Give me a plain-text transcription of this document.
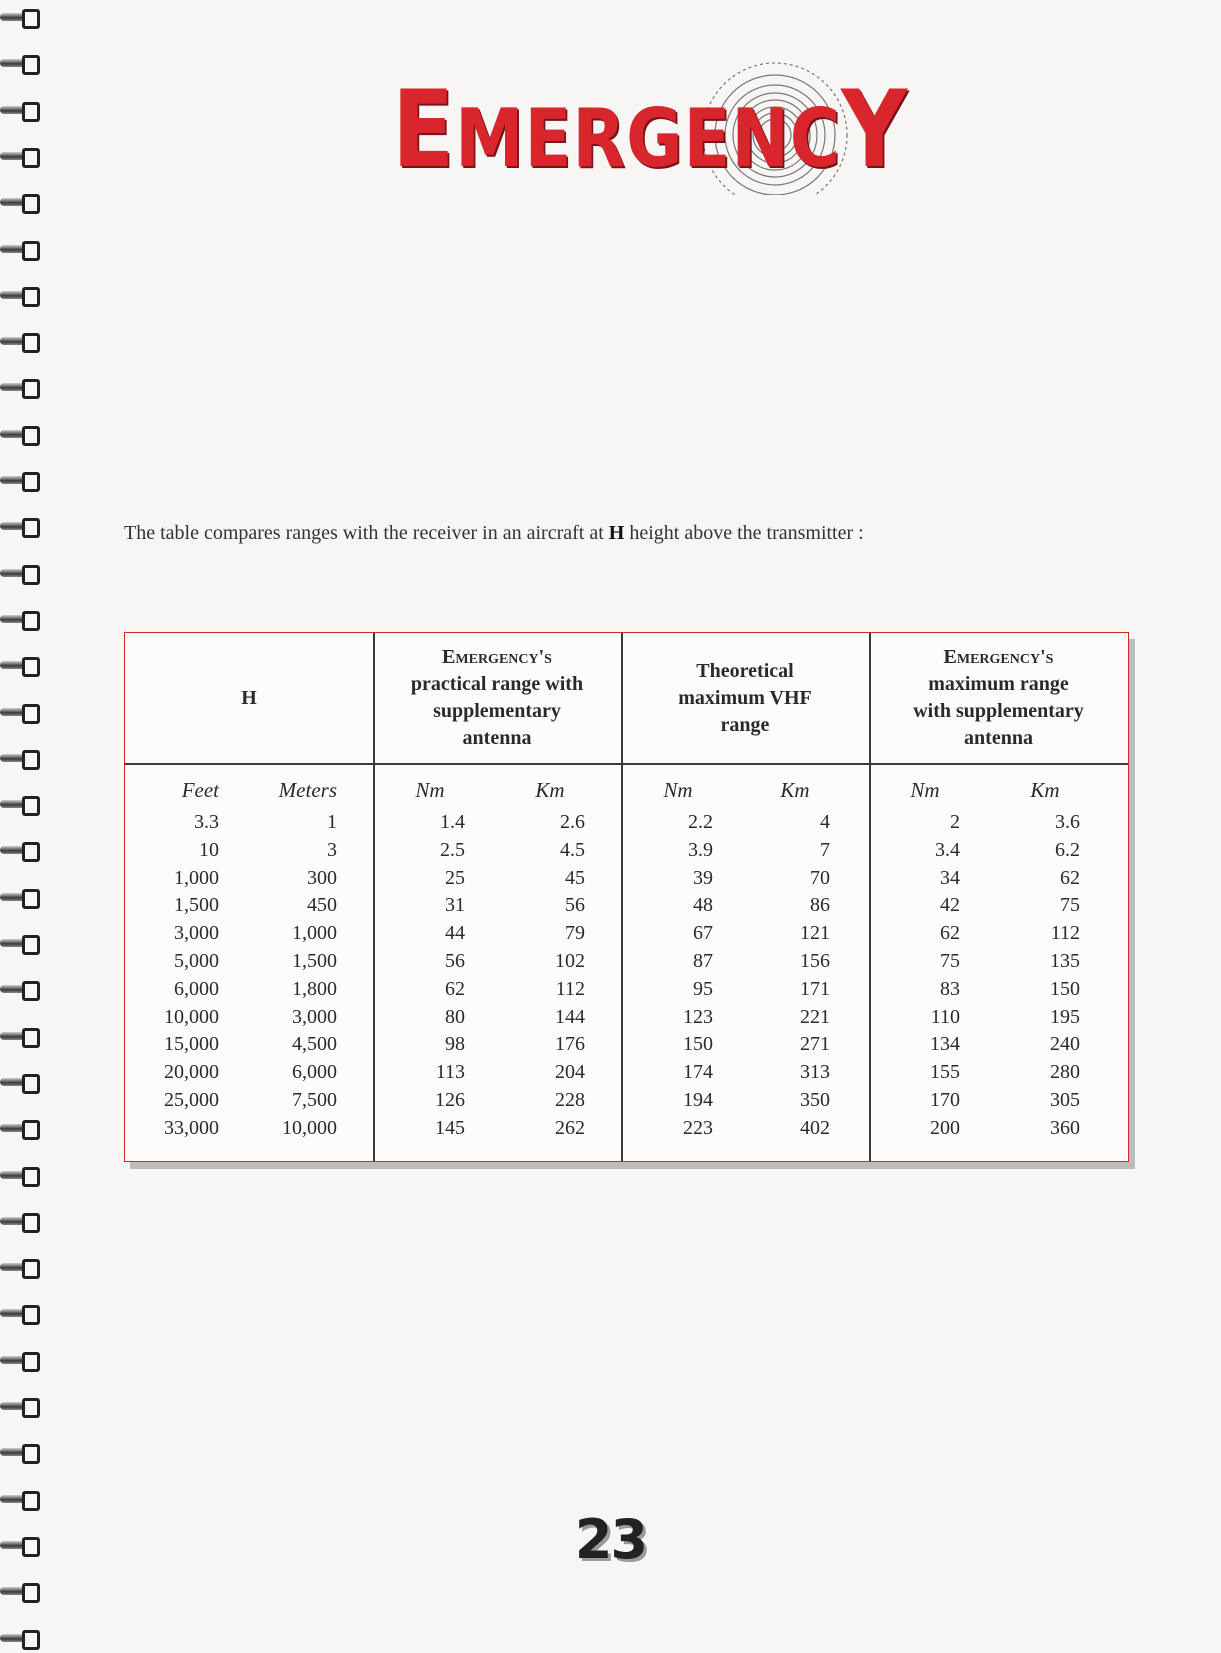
EMERGENCY
The table compares ranges with the receiver in an aircraft at H height above the transmitter :
H
Emergency's
practical range with
supplementary
antenna
Theoretical
maximum VHF
range
Emergency's
maximum range
with supplementary
antenna
Feet
3.3
10
1,000
1,500
3,000
5,000
6,000
10,000
15,000
20,000
25,000
33,000
Meters
1
3
300
450
1,000
1,500
1,800
3,000
4,500
6,000
7,500
10,000
Nm
1.4
2.5
25
31
44
56
62
80
98
113
126
145
Km
2.6
4.5
45
56
79
102
112
144
176
204
228
262
Nm
2.2
3.9
39
48
67
87
95
123
150
174
194
223
Km
4
7
70
86
121
156
171
221
271
313
350
402
Nm
2
3.4
34
42
62
75
83
110
134
155
170
200
Km
3.6
6.2
62
75
112
135
150
195
240
280
305
360
23
